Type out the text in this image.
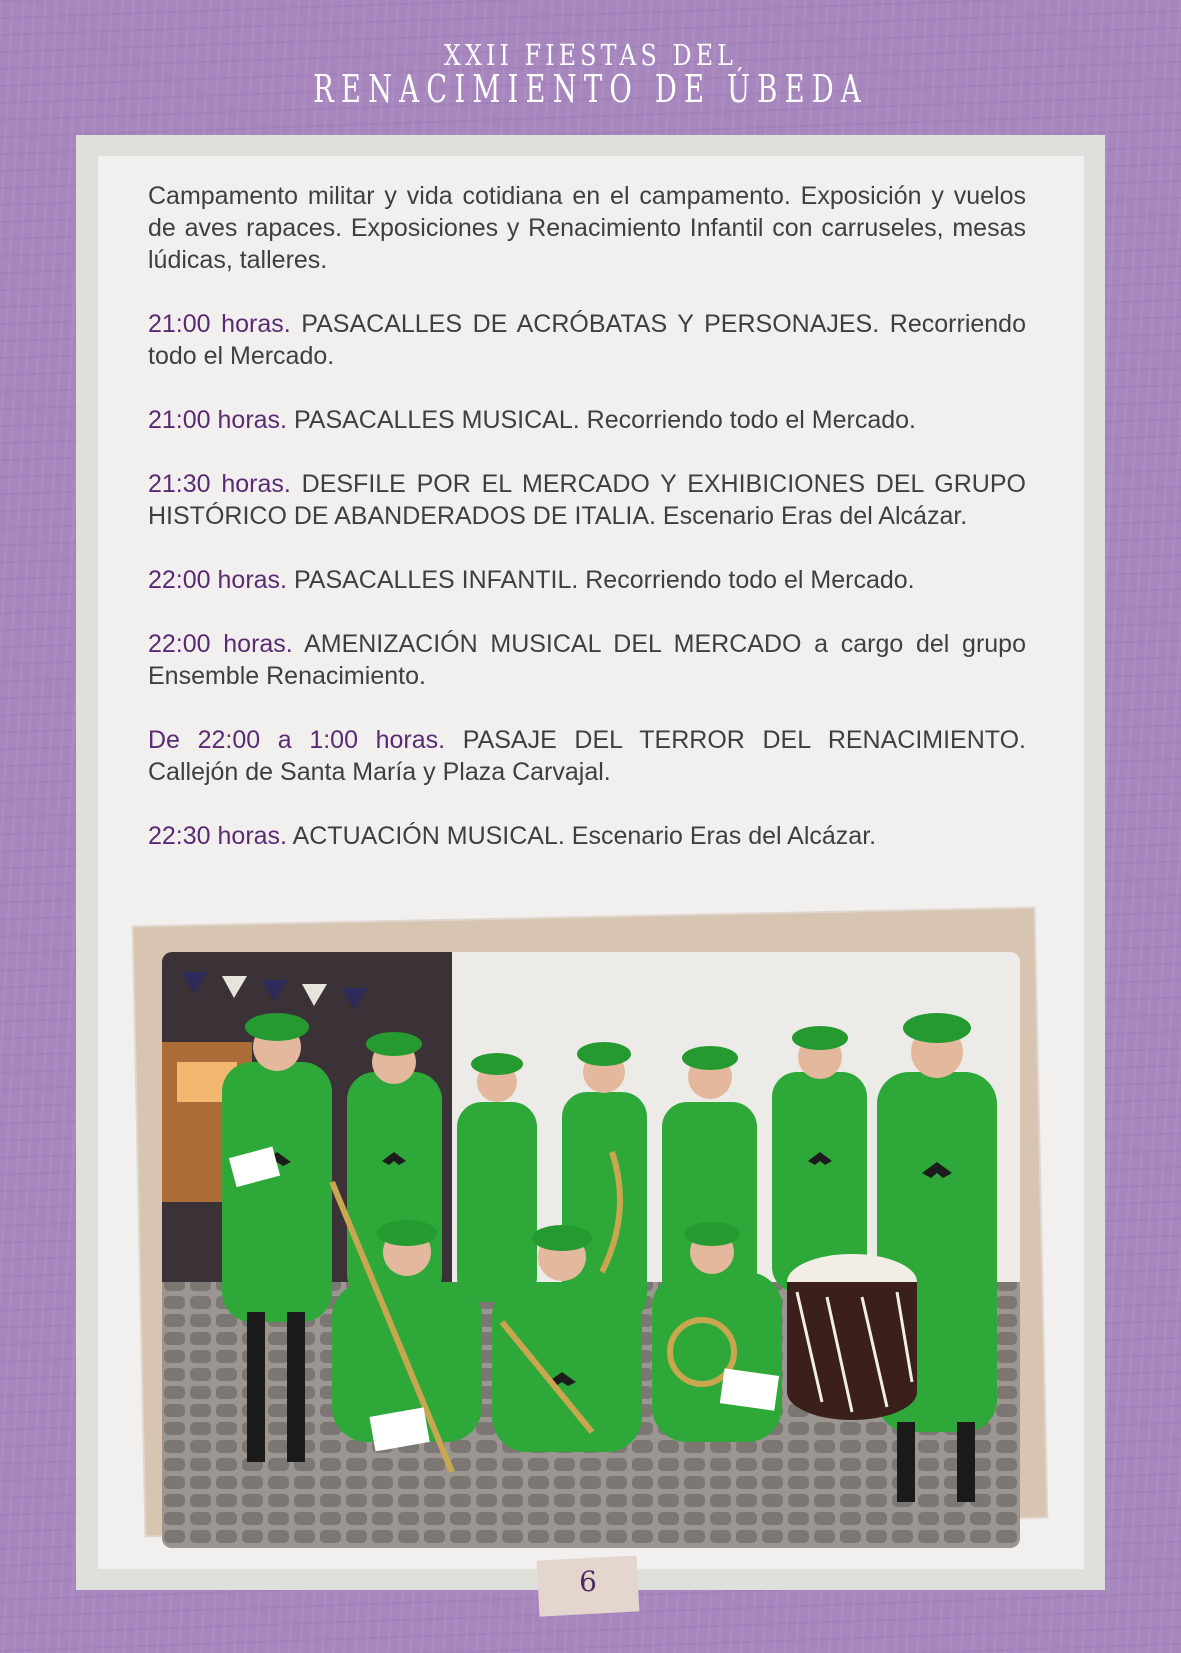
XXII FIESTAS DEL
RENACIMIENTO DE ÚBEDA

Campamento militar y vida cotidiana en el campamento. Exposición y vuelos de aves rapaces. Exposiciones y Renacimiento Infantil con carruseles, mesas lúdicas, talleres.

21:00 horas. PASACALLES DE ACRÓBATAS Y PERSONAJES. Recorriendo todo el Mercado.

21:00 horas. PASACALLES MUSICAL. Recorriendo todo el Mercado.

21:30 horas. DESFILE POR EL MERCADO Y EXHIBICIONES DEL GRUPO HISTÓRICO DE ABANDERADOS DE ITALIA. Escenario Eras del Alcázar.

22:00 horas. PASACALLES INFANTIL. Recorriendo todo el Mercado.

22:00 horas. AMENIZACIÓN MUSICAL DEL MERCADO a cargo del grupo Ensemble Renacimiento.

De 22:00 a 1:00 horas. PASAJE DEL TERROR DEL RENACIMIENTO. Callejón de Santa María y Plaza Carvajal.

22:30 horas. ACTUACIÓN MUSICAL. Escenario Eras del Alcázar.

6
